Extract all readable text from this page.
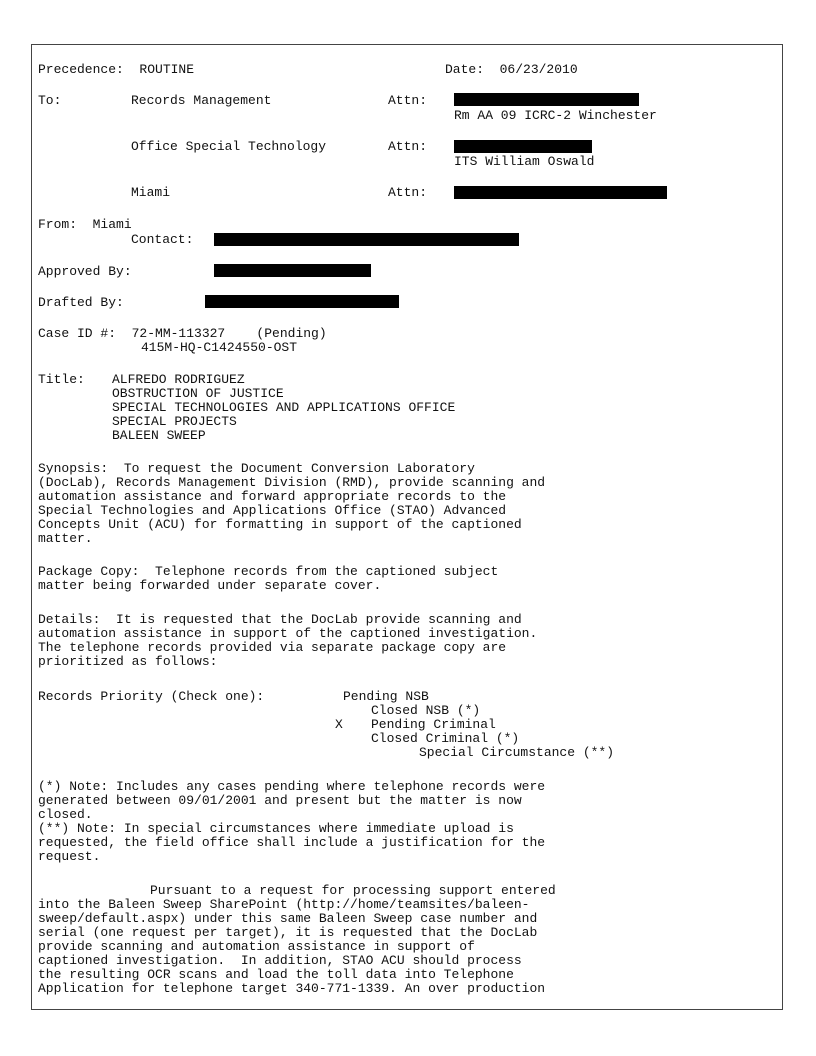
Precedence:  ROUTINE	Date:  06/23/2010
To:	Records Management	Attn:
Rm AA 09 ICRC-2 Winchester
Office Special Technology	Attn:
ITS William Oswald
Miami	Attn:
From:  Miami
Contact:
Approved By:
Drafted By:
Case ID #:  72-MM-113327    (Pending)
415M-HQ-C1424550-OST
Title: ALFREDO RODRIGUEZ
OBSTRUCTION OF JUSTICE
SPECIAL TECHNOLOGIES AND APPLICATIONS OFFICE
SPECIAL PROJECTS
BALEEN SWEEP
Synopsis:  To request the Document Conversion Laboratory
(DocLab), Records Management Division (RMD), provide scanning and
automation assistance and forward appropriate records to the
Special Technologies and Applications Office (STAO) Advanced
Concepts Unit (ACU) for formatting in support of the captioned
matter.
Package Copy:  Telephone records from the captioned subject
matter being forwarded under separate cover.
Details:  It is requested that the DocLab provide scanning and
automation assistance in support of the captioned investigation.
The telephone records provided via separate package copy are
prioritized as follows:
Records Priority (Check one):	Pending NSB
Closed NSB (*)
X Pending Criminal
Closed Criminal (*)
Special Circumstance (**)
(*) Note: Includes any cases pending where telephone records were
generated between 09/01/2001 and present but the matter is now
closed.
(**) Note: In special circumstances where immediate upload is
requested, the field office shall include a justification for the
request.
Pursuant to a request for processing support entered
into the Baleen Sweep SharePoint (http://home/teamsites/baleen-
sweep/default.aspx) under this same Baleen Sweep case number and
serial (one request per target), it is requested that the DocLab
provide scanning and automation assistance in support of
captioned investigation.  In addition, STAO ACU should process
the resulting OCR scans and load the toll data into Telephone
Application for telephone target 340-771-1339. An over production
